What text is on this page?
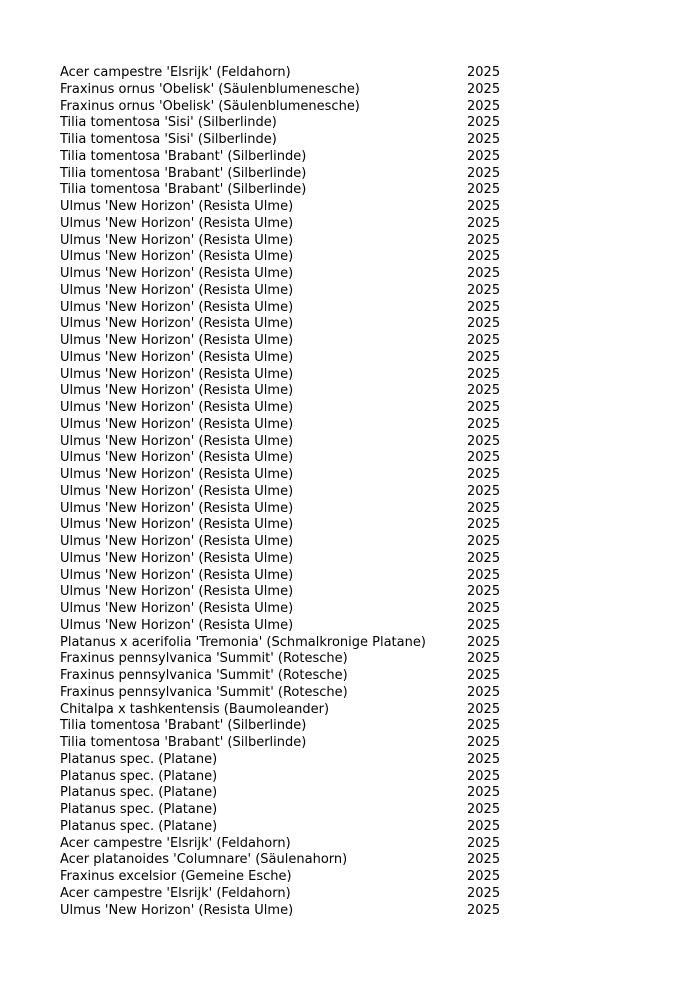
Acer campestre 'Elsrijk' (Feldahorn)	2025
Fraxinus ornus 'Obelisk' (Säulenblumenesche)	2025
Fraxinus ornus 'Obelisk' (Säulenblumenesche)	2025
Tilia tomentosa 'Sisi' (Silberlinde)	2025
Tilia tomentosa 'Sisi' (Silberlinde)	2025
Tilia tomentosa 'Brabant' (Silberlinde)	2025
Tilia tomentosa 'Brabant' (Silberlinde)	2025
Tilia tomentosa 'Brabant' (Silberlinde)	2025
Ulmus 'New Horizon' (Resista Ulme)	2025
Ulmus 'New Horizon' (Resista Ulme)	2025
Ulmus 'New Horizon' (Resista Ulme)	2025
Ulmus 'New Horizon' (Resista Ulme)	2025
Ulmus 'New Horizon' (Resista Ulme)	2025
Ulmus 'New Horizon' (Resista Ulme)	2025
Ulmus 'New Horizon' (Resista Ulme)	2025
Ulmus 'New Horizon' (Resista Ulme)	2025
Ulmus 'New Horizon' (Resista Ulme)	2025
Ulmus 'New Horizon' (Resista Ulme)	2025
Ulmus 'New Horizon' (Resista Ulme)	2025
Ulmus 'New Horizon' (Resista Ulme)	2025
Ulmus 'New Horizon' (Resista Ulme)	2025
Ulmus 'New Horizon' (Resista Ulme)	2025
Ulmus 'New Horizon' (Resista Ulme)	2025
Ulmus 'New Horizon' (Resista Ulme)	2025
Ulmus 'New Horizon' (Resista Ulme)	2025
Ulmus 'New Horizon' (Resista Ulme)	2025
Ulmus 'New Horizon' (Resista Ulme)	2025
Ulmus 'New Horizon' (Resista Ulme)	2025
Ulmus 'New Horizon' (Resista Ulme)	2025
Ulmus 'New Horizon' (Resista Ulme)	2025
Ulmus 'New Horizon' (Resista Ulme)	2025
Ulmus 'New Horizon' (Resista Ulme)	2025
Ulmus 'New Horizon' (Resista Ulme)	2025
Ulmus 'New Horizon' (Resista Ulme)	2025
Platanus x acerifolia 'Tremonia' (Schmalkronige Platane)	2025
Fraxinus pennsylvanica 'Summit' (Rotesche)	2025
Fraxinus pennsylvanica 'Summit' (Rotesche)	2025
Fraxinus pennsylvanica 'Summit' (Rotesche)	2025
Chitalpa x tashkentensis (Baumoleander)	2025
Tilia tomentosa 'Brabant' (Silberlinde)	2025
Tilia tomentosa 'Brabant' (Silberlinde)	2025
Platanus spec. (Platane)	2025
Platanus spec. (Platane)	2025
Platanus spec. (Platane)	2025
Platanus spec. (Platane)	2025
Platanus spec. (Platane)	2025
Acer campestre 'Elsrijk' (Feldahorn)	2025
Acer platanoides 'Columnare' (Säulenahorn)	2025
Fraxinus excelsior (Gemeine Esche)	2025
Acer campestre 'Elsrijk' (Feldahorn)	2025
Ulmus 'New Horizon' (Resista Ulme)	2025
